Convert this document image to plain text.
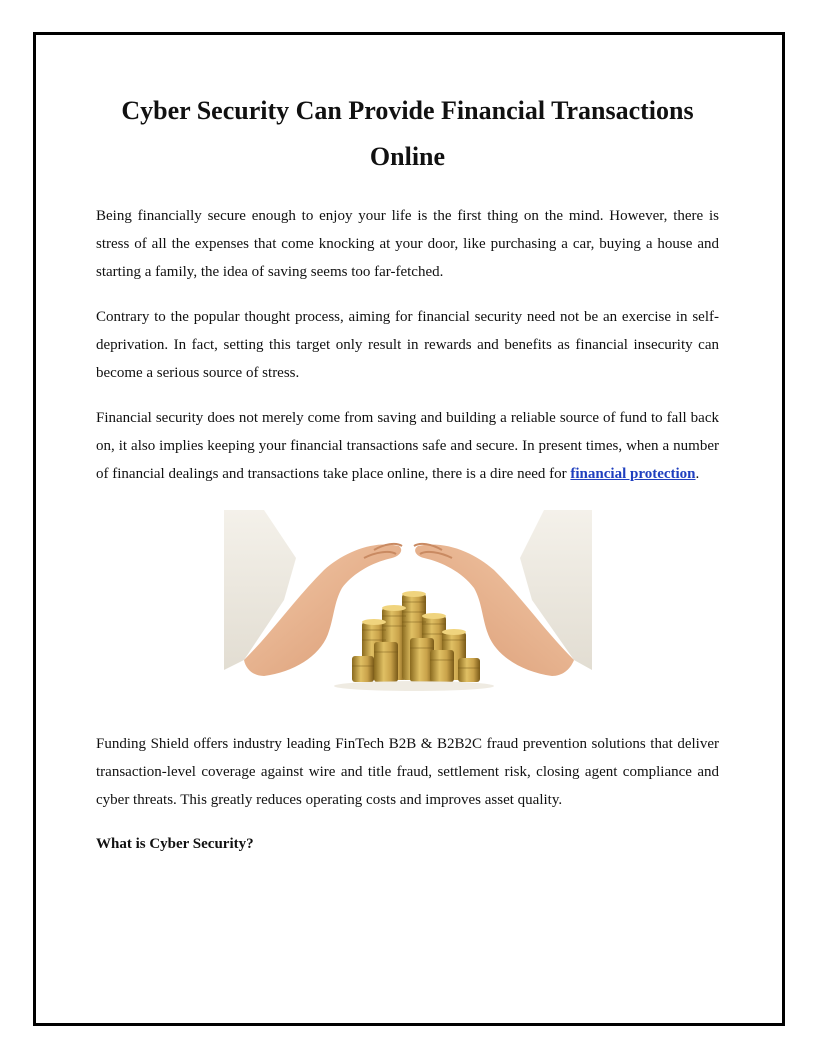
Cyber Security Can Provide Financial Transactions Online

Being financially secure enough to enjoy your life is the first thing on the mind. However, there is stress of all the expenses that come knocking at your door, like purchasing a car, buying a house and starting a family, the idea of saving seems too far-fetched.

Contrary to the popular thought process, aiming for financial security need not be an exercise in self-deprivation. In fact, setting this target only result in rewards and benefits as financial insecurity can become a serious source of stress.

Financial security does not merely come from saving and building a reliable source of fund to fall back on, it also implies keeping your financial transactions safe and secure. In present times, when a number of financial dealings and transactions take place online, there is a dire need for financial protection.

Funding Shield offers industry leading FinTech B2B & B2B2C fraud prevention solutions that deliver transaction-level coverage against wire and title fraud, settlement risk, closing agent compliance and cyber threats. This greatly reduces operating costs and improves asset quality.

What is Cyber Security?
